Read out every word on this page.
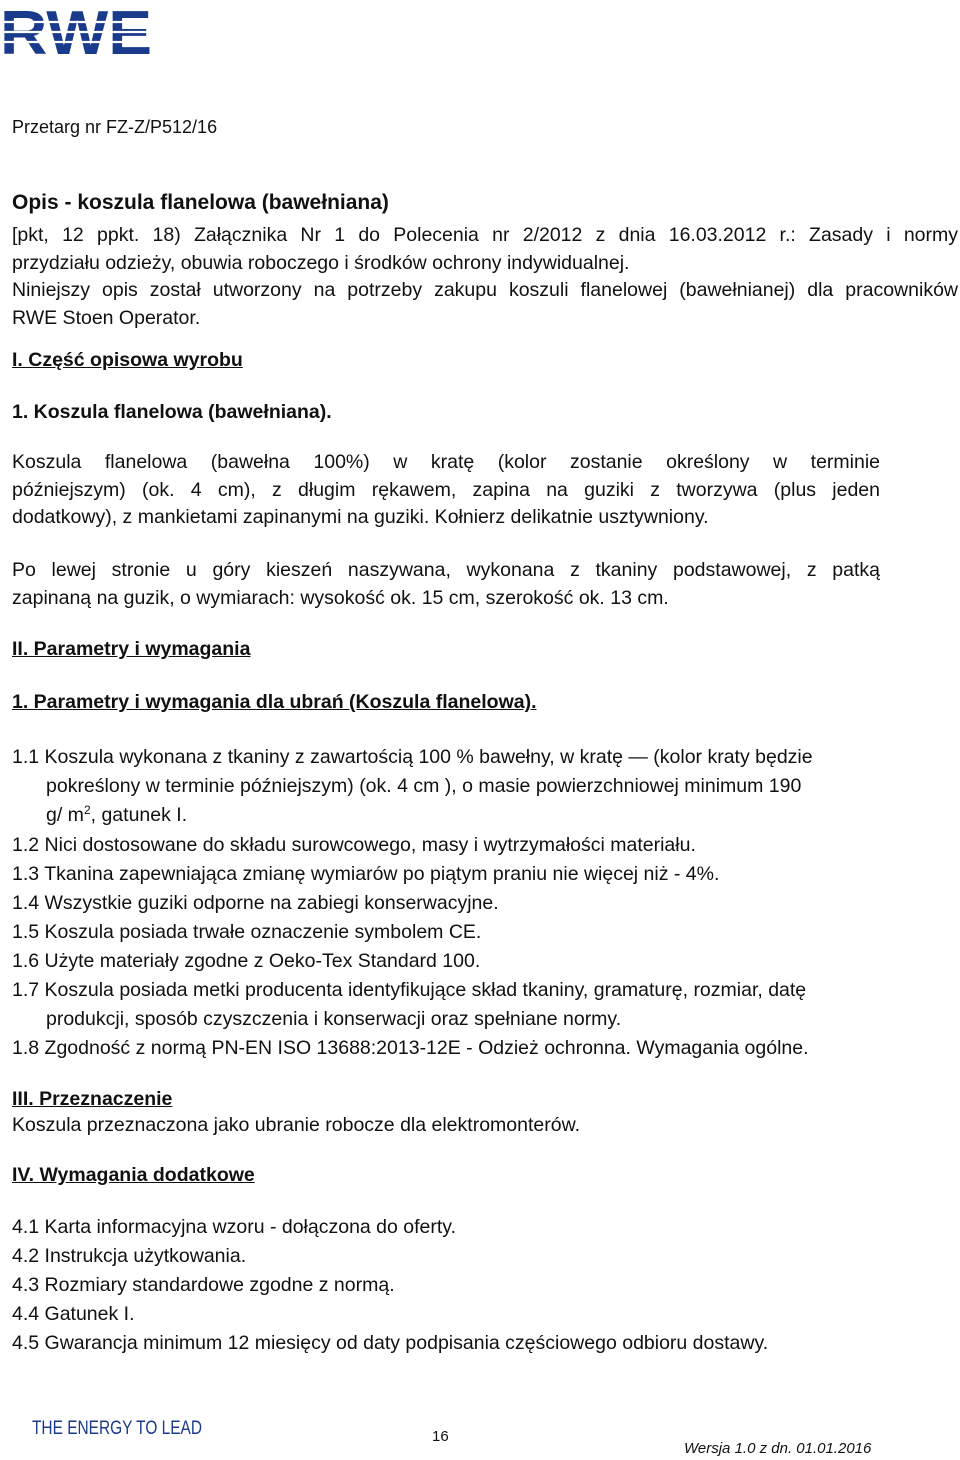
RWE
Przetarg nr FZ-Z/P512/16
Opis - koszula flanelowa (bawełniana)
[pkt, 12 ppkt. 18) Załącznika Nr 1 do Polecenia nr 2/2012 z dnia 16.03.2012 r.: Zasady i normy
przydziału odzieży, obuwia roboczego i środków ochrony indywidualnej.
Niniejszy opis został utworzony na potrzeby zakupu koszuli flanelowej (bawełnianej) dla pracowników
RWE Stoen Operator.
I. Część opisowa wyrobu
1. Koszula flanelowa (bawełniana).
Koszula flanelowa (bawełna 100%) w kratę (kolor zostanie określony w terminie
późniejszym) (ok. 4 cm), z długim rękawem, zapina na guziki z tworzywa (plus jeden
dodatkowy), z mankietami zapinanymi na guziki. Kołnierz delikatnie usztywniony.
Po lewej stronie u góry kieszeń naszywana, wykonana z tkaniny podstawowej, z patką
zapinaną na guzik, o wymiarach: wysokość ok. 15 cm, szerokość ok. 13 cm.
II. Parametry i wymagania
1. Parametry i wymagania dla ubrań (Koszula flanelowa).
1.1 Koszula wykonana z tkaniny z zawartością 100 % bawełny, w kratę — (kolor kraty będzie
pokreślony w terminie późniejszym) (ok. 4 cm ), o masie powierzchniowej minimum 190
g/ $m^2$, gatunek I.
1.2 Nici dostosowane do składu surowcowego, masy i wytrzymałości materiału.
1.3 Tkanina zapewniająca zmianę wymiarów po piątym praniu nie więcej niż - 4%.
1.4 Wszystkie guziki odporne na zabiegi konserwacyjne.
1.5 Koszula posiada trwałe oznaczenie symbolem CE.
1.6 Użyte materiały zgodne z Oeko-Tex Standard 100.
1.7 Koszula posiada metki producenta identyfikujące skład tkaniny, gramaturę, rozmiar, datę
produkcji, sposób czyszczenia i konserwacji oraz spełniane normy.
1.8 Zgodność z normą PN-EN ISO 13688:2013-12E - Odzież ochronna. Wymagania ogólne.
III. Przeznaczenie
Koszula przeznaczona jako ubranie robocze dla elektromonterów.
IV. Wymagania dodatkowe
4.1 Karta informacyjna wzoru - dołączona do oferty.
4.2 Instrukcja użytkowania.
4.3 Rozmiary standardowe zgodne z normą.
4.4 Gatunek I.
4.5 Gwarancja minimum 12 miesięcy od daty podpisania częściowego odbioru dostawy.
THE ENERGY TO LEAD	16
Wersja 1.0 z dn. 01.01.2016
